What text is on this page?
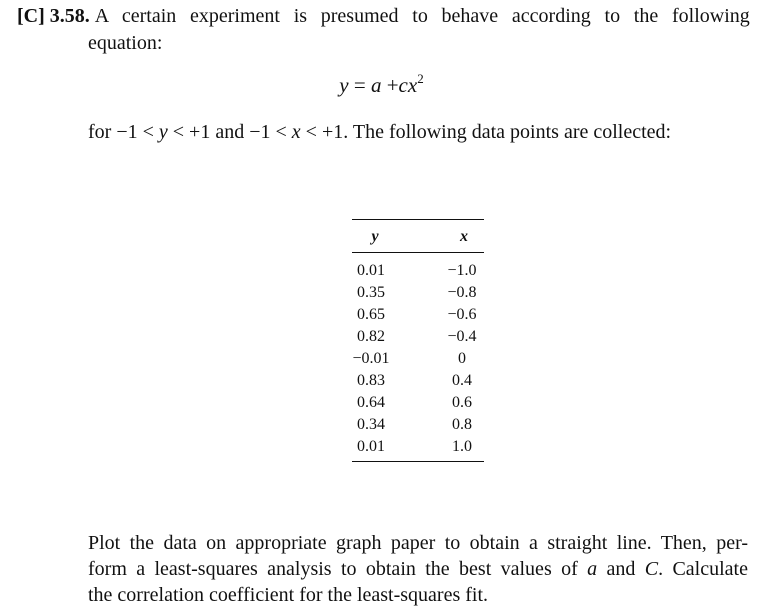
[C] 3.58. A certain experiment is presumed to behave according to the following
equation:
$y = a +cx^2$
for −1 < y < +1 and −1 < x < +1. The following data points are collected:
y	x
0.01
0.35
0.65
0.82
−0.01
0.83
0.64
0.34
0.01
−1.0
−0.8
−0.6
−0.4
0
0.4
0.6
0.8
1.0
Plot the data on appropriate graph paper to obtain a straight line. Then, per-
form a least-squares analysis to obtain the best values of a and C. Calculate
the correlation coefficient for the least-squares fit.
